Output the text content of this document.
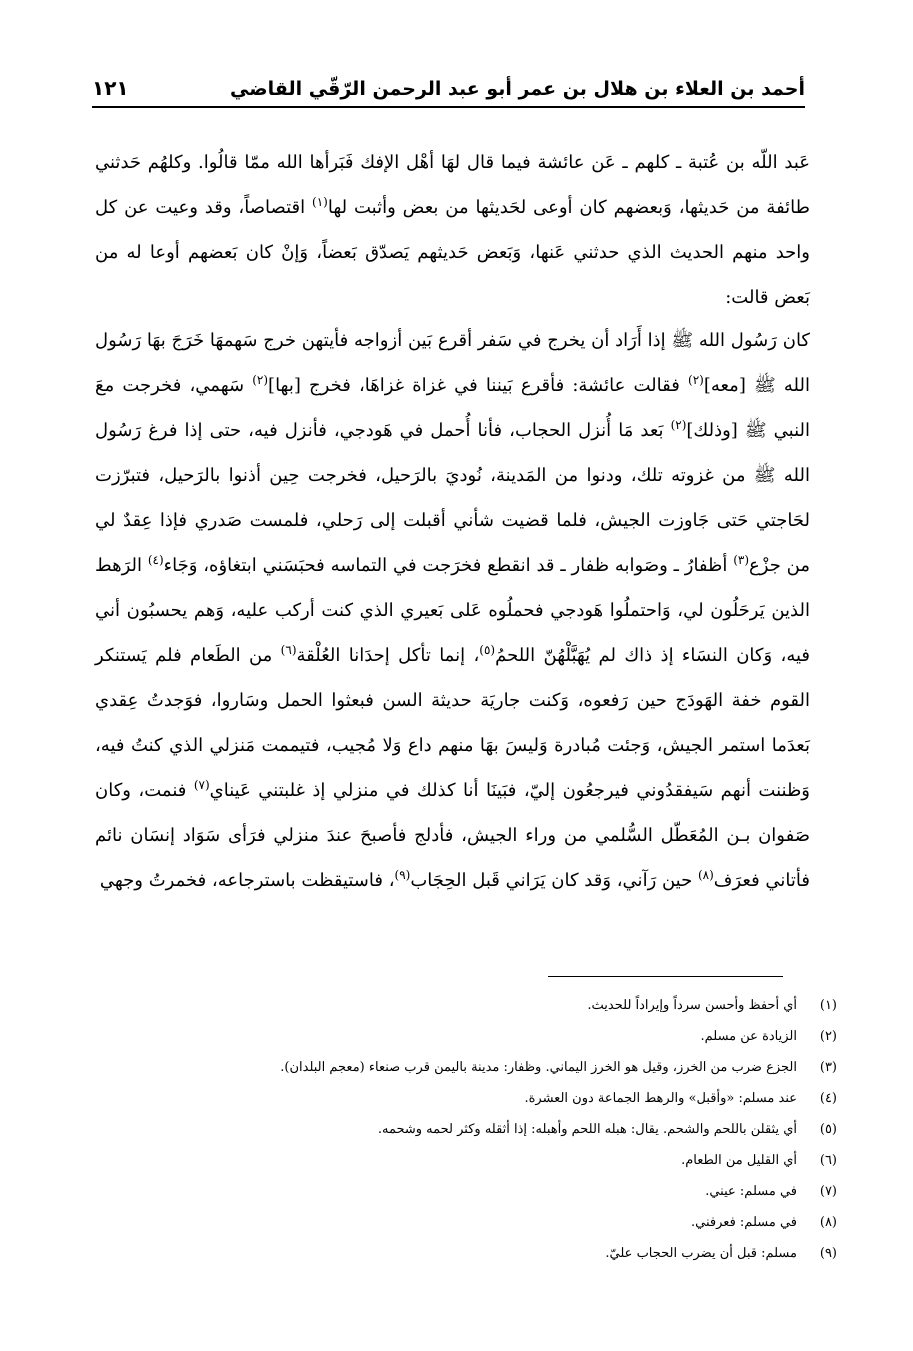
أحمد بن العلاء بن هلال بن عمر أبو عبد الرحمن الرّقّي القاضي
١٢١

عَبد اللّه بن عُتبة ـ كلهم ـ عَن عائشة فيما قال لهَا أهْل الإفك فَبَرأها الله ممّا قالُوا. وكلهُم حَدثني طائفة من حَديثها، وَبعضهم كان أوعى لحَديثها من بعض وأثبت لها$^{(١)}$ اقتصاصاً، وقد وعيت عن كل واحد منهم الحديث الذي حدثني عَنها، وَبَعض حَديثهم يَصدّق بَعضاً، وَإنْ كان بَعضهم أوعا له من بَعض قالت:

كان رَسُول الله ﷺ إذا أَرَاد أن يخرج في سَفر أقرع بَين أزواجه فأيتهن خرج سَهمهَا خَرَجَ بهَا رَسُول الله ﷺ [معه]$^{(٢)}$ فقالت عائشة: فأقرع بَيننا في غزاة غزاهَا، فخرج [بها]$^{(٢)}$ سَهمي، فخرجت معَ النبي ﷺ [وذلك]$^{(٢)}$ بَعد مَا أُنزل الحجاب، فأنا أُحمل في هَودجي، فأنزل فيه، حتى إذا فرغ رَسُول الله ﷺ من غزوته تلك، ودنوا من المَدينة، نُوديَ بالرَحيل، فخرجت حِين أذنوا بالرَحيل، فتبرّزت لحَاجتي حَتى جَاوزت الجيش، فلما قضيت شأني أقبلت إلى رَحلي، فلمست صَدري فإذا عِقدٌ لي من جزْع$^{(٣)}$ أظفارُ ـ وصَوابه ظفار ـ قد انقطع فخرَجت في التماسه فحبَسَني ابتغاؤه، وَجَاء$^{(٤)}$ الرَهط الذين يَرحَلُون لي، وَاحتملُوا هَودجي فحملُوه عَلى بَعيري الذي كنت أركب عليه، وَهم يحسبُون أني فيه، وَكان النسَاء إذ ذاك لم يُهَبَّلْهُنّ اللحمُ$^{(٥)}$، إنما تأكل إحدَانا العُلْقة$^{(٦)}$ من الطَعام فلم يَستنكر القوم خفة الهَودَج حين رَفعوه، وَكنت جاريَة حديثة السن فبعثوا الحمل وسَاروا، فوَجدتُ عِقدي بَعدَما استمر الجيش، وَجئت مُبادرة وَليسَ بهَا منهم داع وَلا مُجيب، فتيممت مَنزلي الذي كنتُ فيه، وَظننت أنهم سَيفقدُوني فيرجعُون إليّ، فبَينَا أنا كذلك في منزلي إذ غلبتني عَيناي$^{(٧)}$ فنمت، وكان صَفوان بـن المُعَطّل السُّلمي من وراء الجيش، فأدلج فأصبحَ عندَ منزلي فرَأى سَوَاد إنسَان نائم فأتاني فعرَف$^{(٨)}$ حين رَآني، وَقد كان يَرَاني قَبل الحِجَاب$^{(٩)}$، فاستيقظت باسترجاعه، فخمرتُ وجهي

(١)
أي أحفظ وأحسن سرداً وإيراداً للحديث.
(٢)
الزيادة عن مسلم.
(٣)
الجزع ضرب من الخرز، وقيل هو الخرز اليماني. وظفار: مدينة باليمن قرب صنعاء (معجم البلدان).
(٤)
عند مسلم: «وأقبل» والرهط الجماعة دون العشرة.
(٥)
أي يثقلن باللحم والشحم. يقال: هبله اللحم وأهبله: إذا أثقله وكثر لحمه وشحمه.
(٦)
أي القليل من الطعام.
(٧)
في مسلم: عيني.
(٨)
في مسلم: فعرفني.
(٩)
مسلم: قبل أن يضرب الحجاب عليّ.
